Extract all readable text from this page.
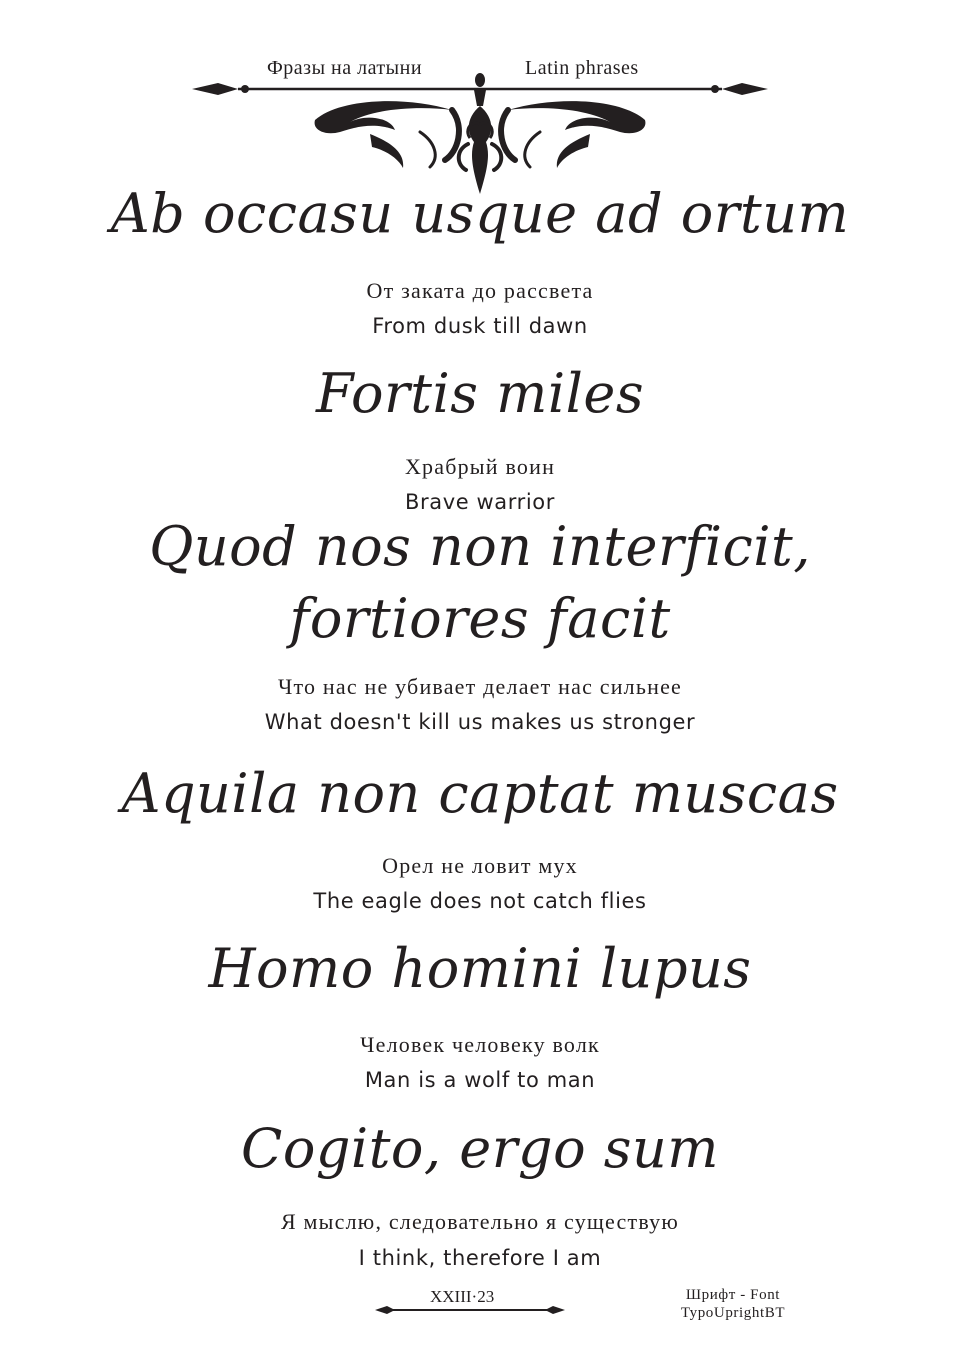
Фразы на латыни	Latin phrases
Ab occasu usque ad ortum
От заката до рассвета
From dusk till dawn
Fortis miles
Храбрый воин
Brave warrior
Quod nos non interficit,
fortiores facit
Что нас не убивает делает нас сильнее
What doesn't kill us makes us stronger
Aquila non captat muscas
Орел не ловит мух
The eagle does not catch flies
Homo homini lupus
Человек человеку волк
Man is a wolf to man
Cogito, ergo sum
Я мыслю, следовательно я существую
I think, therefore I am
XXIII·23	Шрифт - Font
TypoUprightBT
